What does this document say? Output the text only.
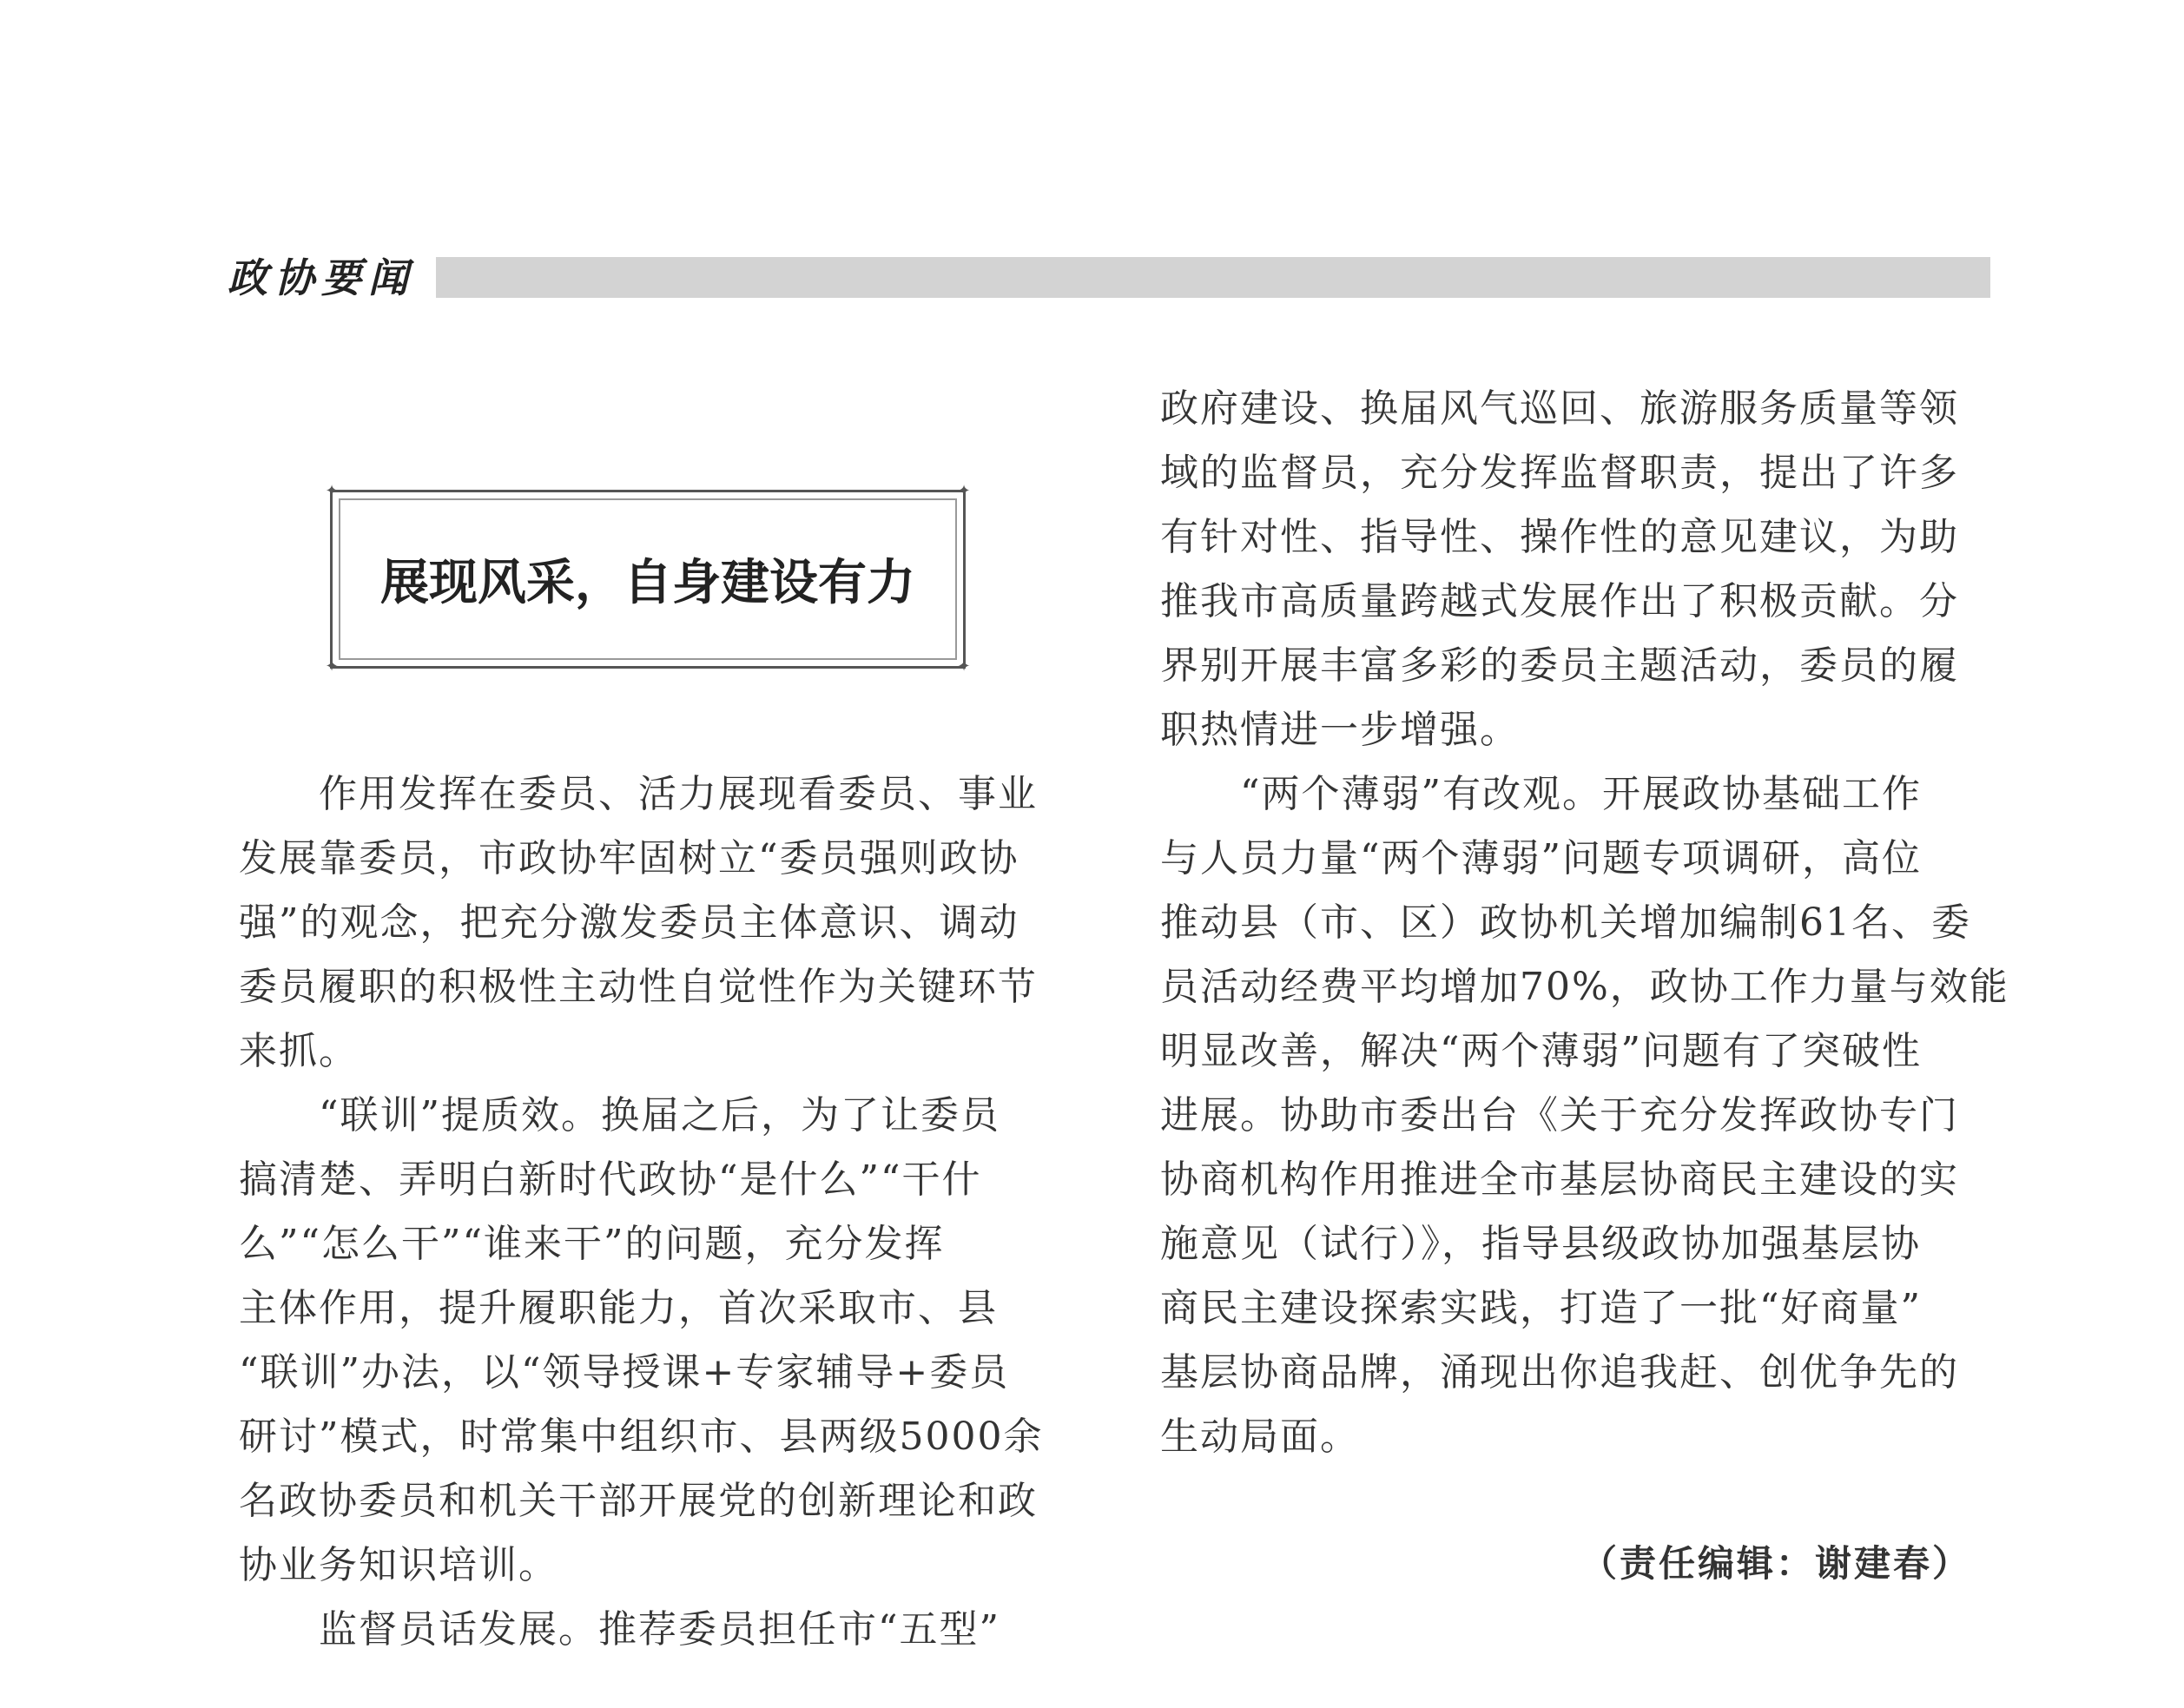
政协要闻
✦	✦
✦	✦
展现风采，自身建设有力
　　作用发挥在委员、活力展现看委员、事业
发展靠委员，市政协牢固树立“委员强则政协
强”的观念，把充分激发委员主体意识、调动
委员履职的积极性主动性自觉性作为关键环节
来抓。
　　“联训”提质效。换届之后，为了让委员
搞清楚、弄明白新时代政协“是什么”“干什
么”“怎么干”“谁来干”的问题，充分发挥
主体作用，提升履职能力，首次采取市、县
“联训”办法，以“领导授课+专家辅导+委员
研讨”模式，时常集中组织市、县两级5000余
名政协委员和机关干部开展党的创新理论和政
协业务知识培训。
　　监督员话发展。推荐委员担任市“五型”
政府建设、换届风气巡回、旅游服务质量等领
域的监督员，充分发挥监督职责，提出了许多
有针对性、指导性、操作性的意见建议，为助
推我市高质量跨越式发展作出了积极贡献。分
界别开展丰富多彩的委员主题活动，委员的履
职热情进一步增强。
　　“两个薄弱”有改观。开展政协基础工作
与人员力量“两个薄弱”问题专项调研，高位
推动县（市、区）政协机关增加编制61名、委
员活动经费平均增加70%，政协工作力量与效能
明显改善，解决“两个薄弱”问题有了突破性
进展。协助市委出台《关于充分发挥政协专门
协商机构作用推进全市基层协商民主建设的实
施意见（试行）》，指导县级政协加强基层协
商民主建设探索实践，打造了一批“好商量”
基层协商品牌，涌现出你追我赶、创优争先的
生动局面。
（责任编辑：谢建春）
